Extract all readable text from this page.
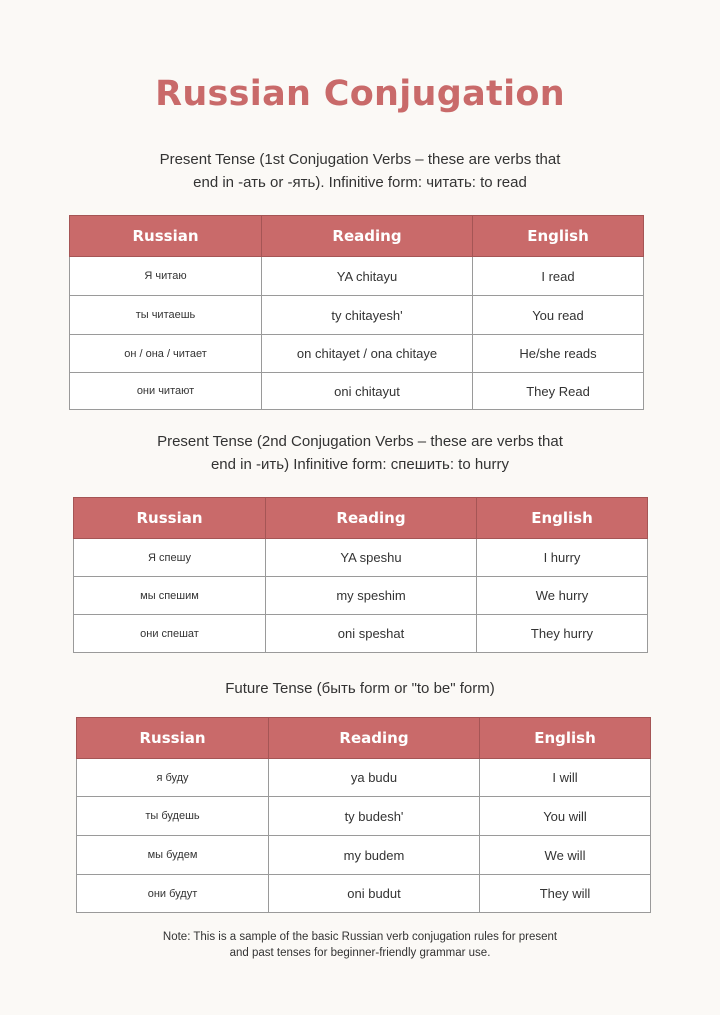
Russian Conjugation
Present Tense (1st Conjugation Verbs – these are verbs that
end in -ать or -ять). Infinitive form: читать: to read
Russian	Reading	English
Я читаю	YA chitayu	I read
ты читаешь	ty chitayesh'	You read
он / она / читает	on chitayet / ona chitaye	He/she reads
они читают	oni chitayut	They Read
Present Tense (2nd Conjugation Verbs – these are verbs that
end in -ить) Infinitive form: спешить: to hurry
Russian	Reading	English
Я спешу	YA speshu	I hurry
мы спешим	my speshim	We hurry
они спешат	oni speshat	They hurry
Future Tense (быть form or "to be" form)
Russian	Reading	English
я буду	ya budu	I will
ты будешь	ty budesh'	You will
мы будем	my budem	We will
они будут	oni budut	They will
Note: This is a sample of the basic Russian verb conjugation rules for present
and past tenses for beginner-friendly grammar use.
